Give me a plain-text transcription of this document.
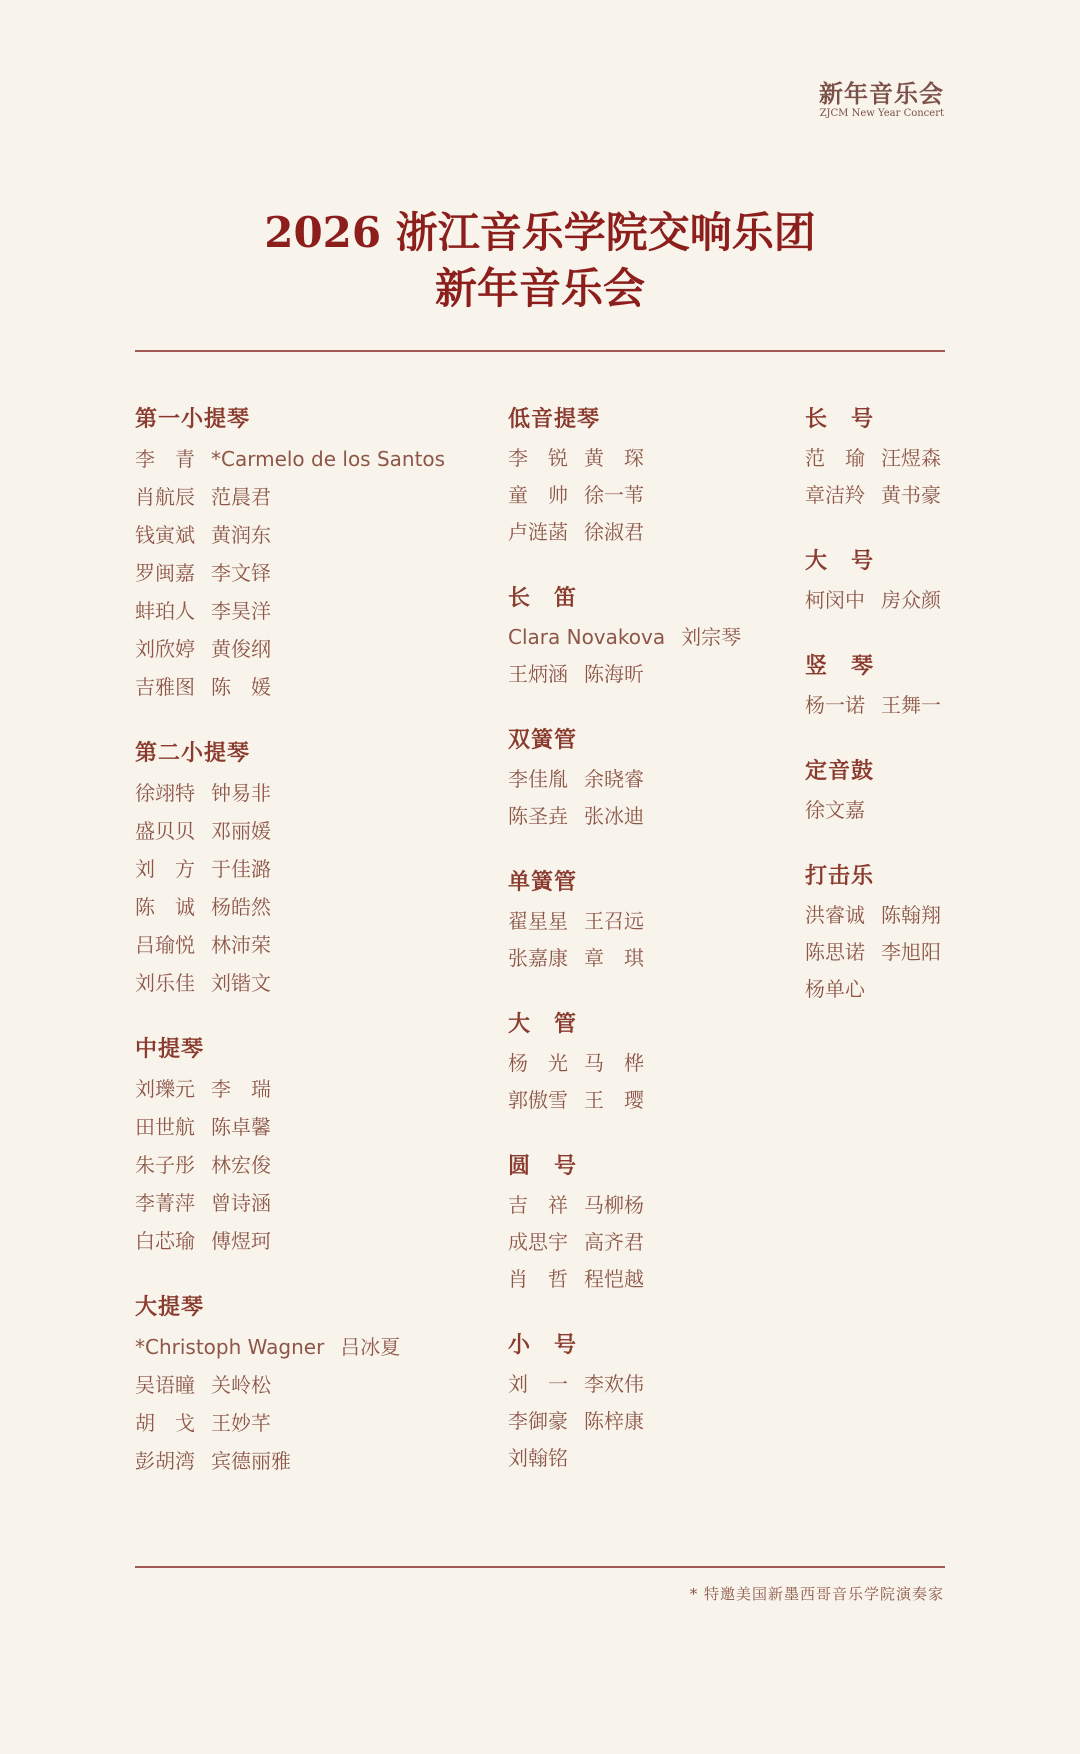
新年音乐会
ZJCM New Year Concert
2026 浙江音乐学院交响乐团
新年音乐会
第一小提琴
李　青 *Carmelo de los Santos
肖航辰 范晨君
钱寅斌 黄润东
罗闽嘉 李文铎
蚌珀人 李昊洋
刘欣婷 黄俊纲
吉雅图 陈　媛
第二小提琴
徐翊特 钟易非
盛贝贝 邓丽媛
刘　方 于佳潞
陈　诚 杨皓然
吕瑜悦 林沛荣
刘乐佳 刘锴文
中提琴
刘瓅元 李　瑞
田世航 陈卓馨
朱子彤 林宏俊
李菁萍 曾诗涵
白芯瑜 傅煜珂
大提琴
*Christoph Wagner 吕冰夏
吴语瞳 关岭松
胡　戈 王妙芊
彭胡湾 宾德丽雅
低音提琴
李　锐 黄　琛
童　帅 徐一苇
卢涟菡 徐淑君
长　笛
Clara Novakova 刘宗琴
王炳涵 陈海昕
双簧管
李佳胤 余晓睿
陈圣垚 张冰迪
单簧管
翟星星 王召远
张嘉康 章　琪
大　管
杨　光 马　桦
郭傲雪 王　璎
圆　号
吉　祥 马柳杨
成思宇 高齐君
肖　哲 程恺越
小　号
刘　一 李欢伟
李御豪 陈梓康
刘翰铭
长　号
范　瑜 汪煜森
章洁羚 黄书豪
大　号
柯闵中 房众颜
竖　琴
杨一诺 王舞一
定音鼓
徐文嘉
打击乐
洪睿诚 陈翰翔
陈思诺 李旭阳
杨单心
* 特邀美国新墨西哥音乐学院演奏家
